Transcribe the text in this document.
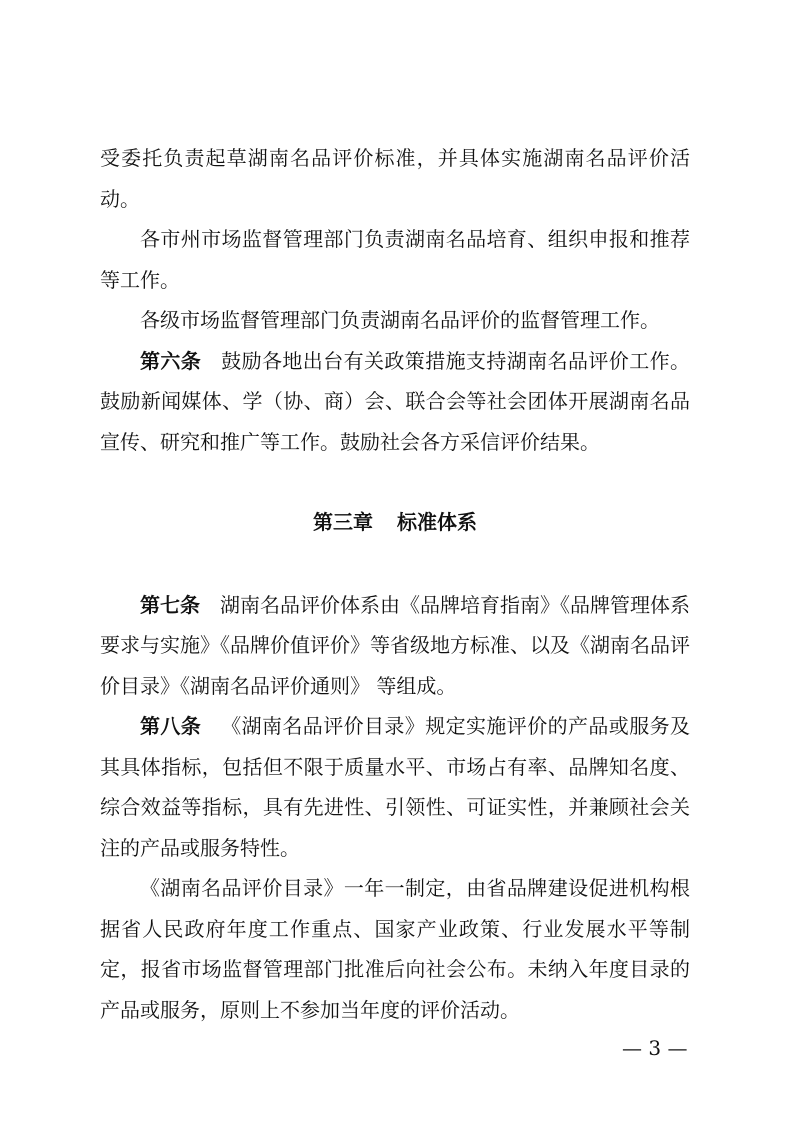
受委托负责起草湖南名品评价标准，并具体实施湖南名品评价活动。

各市州市场监督管理部门负责湖南名品培育、组织申报和推荐等工作。

各级市场监督管理部门负责湖南名品评价的监督管理工作。

第六条 鼓励各地出台有关政策措施支持湖南名品评价工作。鼓励新闻媒体、学（协、商）会、联合会等社会团体开展湖南名品宣传、研究和推广等工作。鼓励社会各方采信评价结果。

第三章 标准体系

第七条 湖南名品评价体系由《品牌培育指南》《品牌管理体系 要求与实施》《品牌价值评价》等省级地方标准、以及《湖南名品评价目录》《湖南名品评价通则》 等组成。

第八条 《湖南名品评价目录》规定实施评价的产品或服务及其具体指标，包括但不限于质量水平、市场占有率、品牌知名度、综合效益等指标，具有先进性、引领性、可证实性，并兼顾社会关注的产品或服务特性。

《湖南名品评价目录》一年一制定，由省品牌建设促进机构根据省人民政府年度工作重点、国家产业政策、行业发展水平等制定，报省市场监督管理部门批准后向社会公布。未纳入年度目录的产品或服务，原则上不参加当年度的评价活动。

— 3 —
